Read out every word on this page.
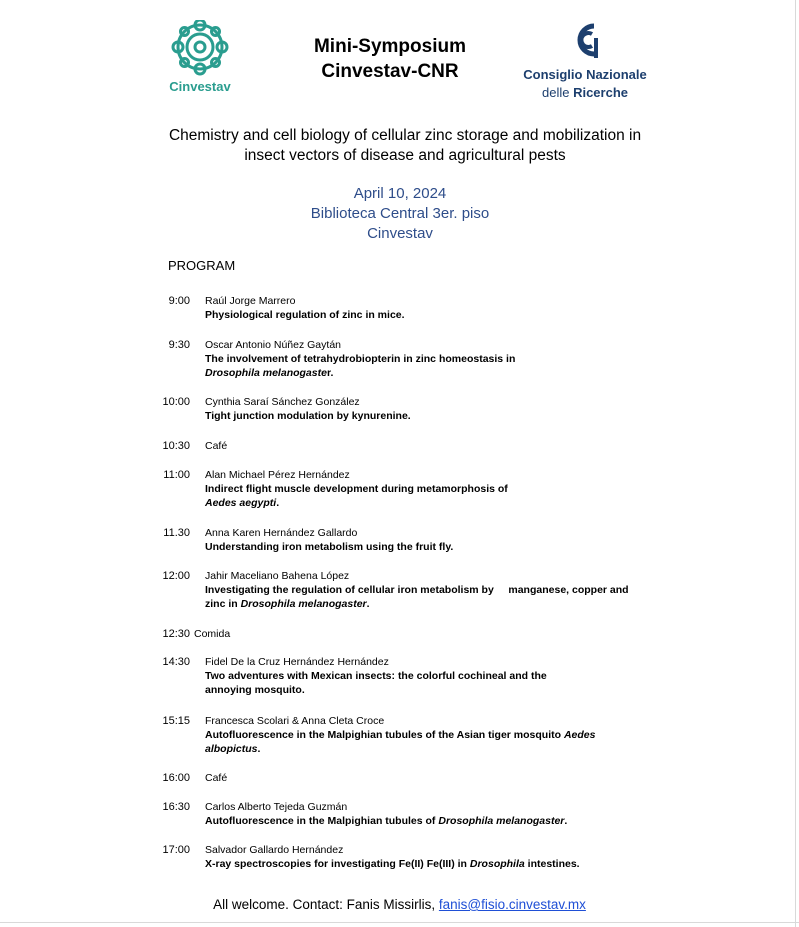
Cinvestav
Mini-Symposium
Cinvestav-CNR	Consiglio Nazionale
delle Ricerche
Chemistry and cell biology of cellular zinc storage and mobilization in
insect vectors of disease and agricultural pests
April 10, 2024
Biblioteca Central 3er. piso
Cinvestav
PROGRAM
9:00 Raúl Jorge Marrero
Physiological regulation of zinc in mice.
9:30 Oscar Antonio Núñez Gaytán
The involvement of tetrahydrobiopterin in zinc homeostasis in
Drosophila melanogaster.
10:00 Cynthia Saraí Sánchez González
Tight junction modulation by kynurenine.
10:30 Café
11:00 Alan Michael Pérez Hernández
Indirect flight muscle development during metamorphosis of
Aedes aegypti.
11.30 Anna Karen Hernández Gallardo
Understanding iron metabolism using the fruit fly.
12:00 Jahir Maceliano Bahena López
Investigating the regulation of cellular iron metabolism by     manganese, copper and
zinc in Drosophila melanogaster.
12:30 Comida
14:30 Fidel De la Cruz Hernández Hernández
Two adventures with Mexican insects: the colorful cochineal and the
annoying mosquito.
15:15 Francesca Scolari & Anna Cleta Croce
Autofluorescence in the Malpighian tubules of the Asian tiger mosquito Aedes
albopictus.
16:00 Café
16:30 Carlos Alberto Tejeda Guzmán
Autofluorescence in the Malpighian tubules of Drosophila melanogaster.
17:00 Salvador Gallardo Hernández
X-ray spectroscopies for investigating Fe(II) Fe(III) in Drosophila intestines.
All welcome. Contact: Fanis Missirlis, fanis@fisio.cinvestav.mx
